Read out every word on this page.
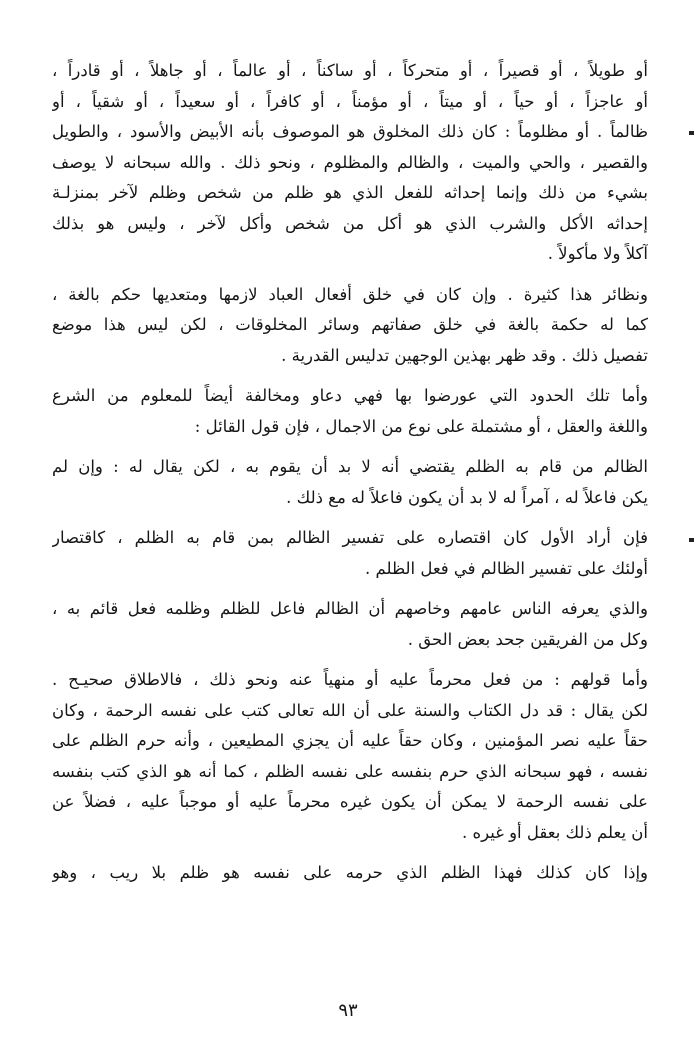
أو طويلاً ، أو قصيراً ، أو متحركاً ، أو ساكناً ، أو عالماً ، أو جاهلاً ، أو قادراً ،
أو عاجزاً ، أو حياً ، أو ميتاً ، أو مؤمناً ، أو كافراً ، أو سعيداً ، أو شقياً ، أو
ظالماً . أو مظلوماً : كان ذلك المخلوق هو الموصوف بأنه الأبيض والأسود ، والطويل
والقصير ، والحي والميت ، والظالم والمظلوم ، ونحو ذلك . والله سبحانه لا يوصف
بشيء من ذلك وإنما إحداثه للفعل الذي هو ظلم من شخص وظلم لآخر بمنزلـة
إحداثه الأكل والشرب الذي هو أكل من شخص وأكل لآخر ، وليس هو بذلك
آكلاً ولا مأكولاً .
ونظائر هذا كثيرة . وإن كان في خلق أفعال العباد لازمها ومتعديها حكم بالغة ،
كما له حكمة بالغة في خلق صفاتهم وسائر المخلوقات ، لكن ليس هذا موضع
تفصيل ذلك . وقد ظهر بهذين الوجهين تدليس القدرية .
وأما تلك الحدود التي عورضوا بها فهي دعاو ومخالفة أيضاً للمعلوم من الشرع
واللغة والعقل ، أو مشتملة على نوع من الاجمال ، فإن قول القائل :
الظالم من قام به الظلم يقتضي أنه لا بد أن يقوم به ، لكن يقال له : وإن لم
يكن فاعلاً له ، آمراً له لا بد أن يكون فاعلاً له مع ذلك .
فإن أراد الأول كان اقتصاره على تفسير الظالم بمن قام به الظلم ، كاقتصار
أولئك على تفسير الظالم في فعل الظلم .
والذي يعرفه الناس عامهم وخاصهم أن الظالم فاعل للظلم وظلمه فعل قائم به ،
وكل من الفريقين جحد بعض الحق .
وأما قولهم : من فعل محرماً عليه أو منهياً عنه ونحو ذلك ، فالاطلاق صحيـح .
لكن يقال : قد دل الكتاب والسنة على أن الله تعالى كتب على نفسه الرحمة ، وكان
حقاً عليه نصر المؤمنين ، وكان حقاً عليه أن يجزي المطيعين ، وأنه حرم الظلم على
نفسه ، فهو سبحانه الذي حرم بنفسه على نفسه الظلم ، كما أنه هو الذي كتب بنفسه
على نفسه الرحمة لا يمكن أن يكون غيره محرماً عليه أو موجباً عليه ، فضلاً عن
أن يعلم ذلك بعقل أو غيره .
وإذا كان كذلك فهذا الظلم الذي حرمه على نفسه هو ظلم بلا ريب ، وهو
٩٣
